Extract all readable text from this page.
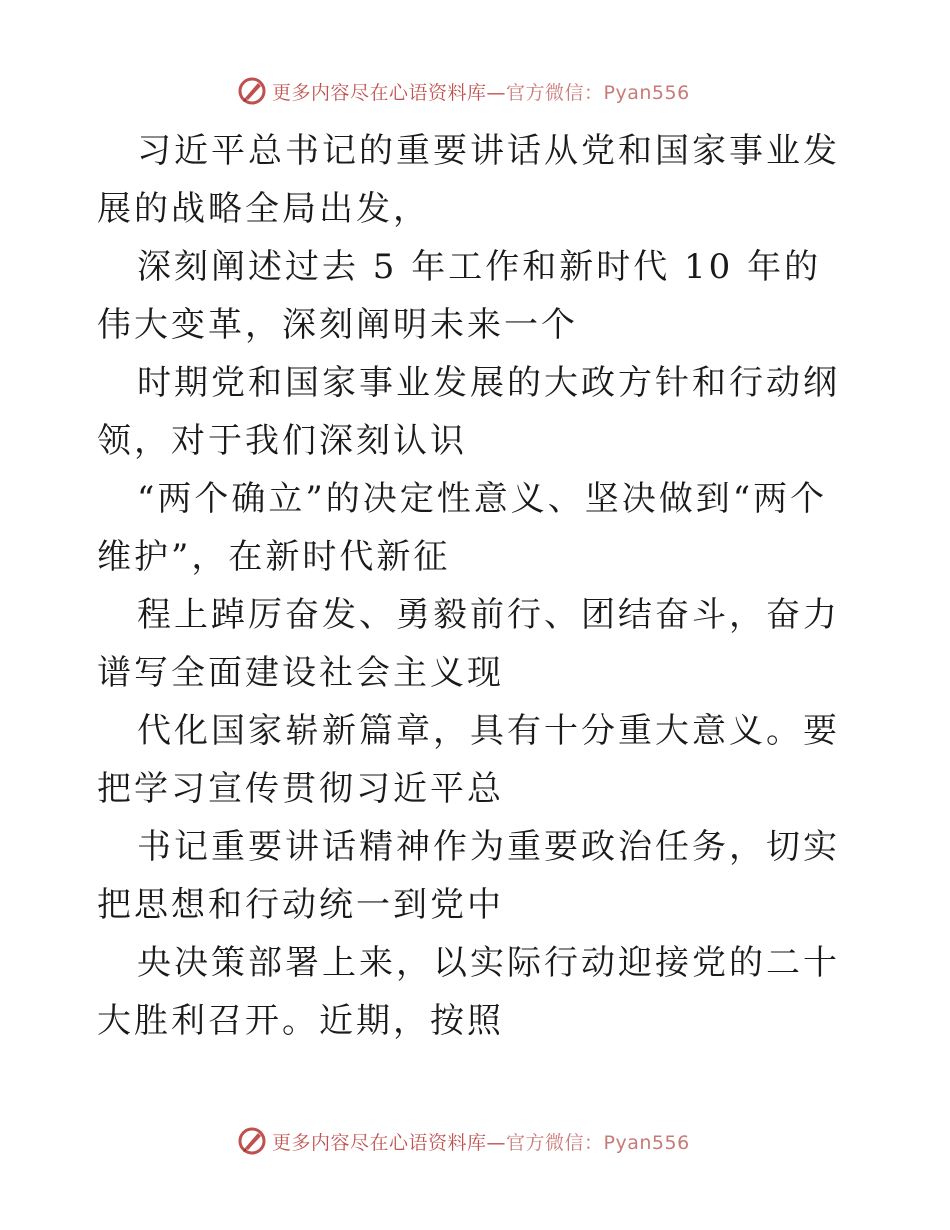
更多内容尽在心语资料库—官方微信：Pyan556

习近平总书记的重要讲话从党和国家事业发展的战略全局出发，

深刻阐述过去 5 年工作和新时代 10 年的伟大变革，深刻阐明未来一个

时期党和国家事业发展的大政方针和行动纲领，对于我们深刻认识

“两个确立”的决定性意义、坚决做到“两个维护”，在新时代新征

程上踔厉奋发、勇毅前行、团结奋斗，奋力谱写全面建设社会主义现

代化国家崭新篇章，具有十分重大意义。要把学习宣传贯彻习近平总

书记重要讲话精神作为重要政治任务，切实把思想和行动统一到党中

央决策部署上来，以实际行动迎接党的二十大胜利召开。近期，按照

更多内容尽在心语资料库—官方微信：Pyan556
